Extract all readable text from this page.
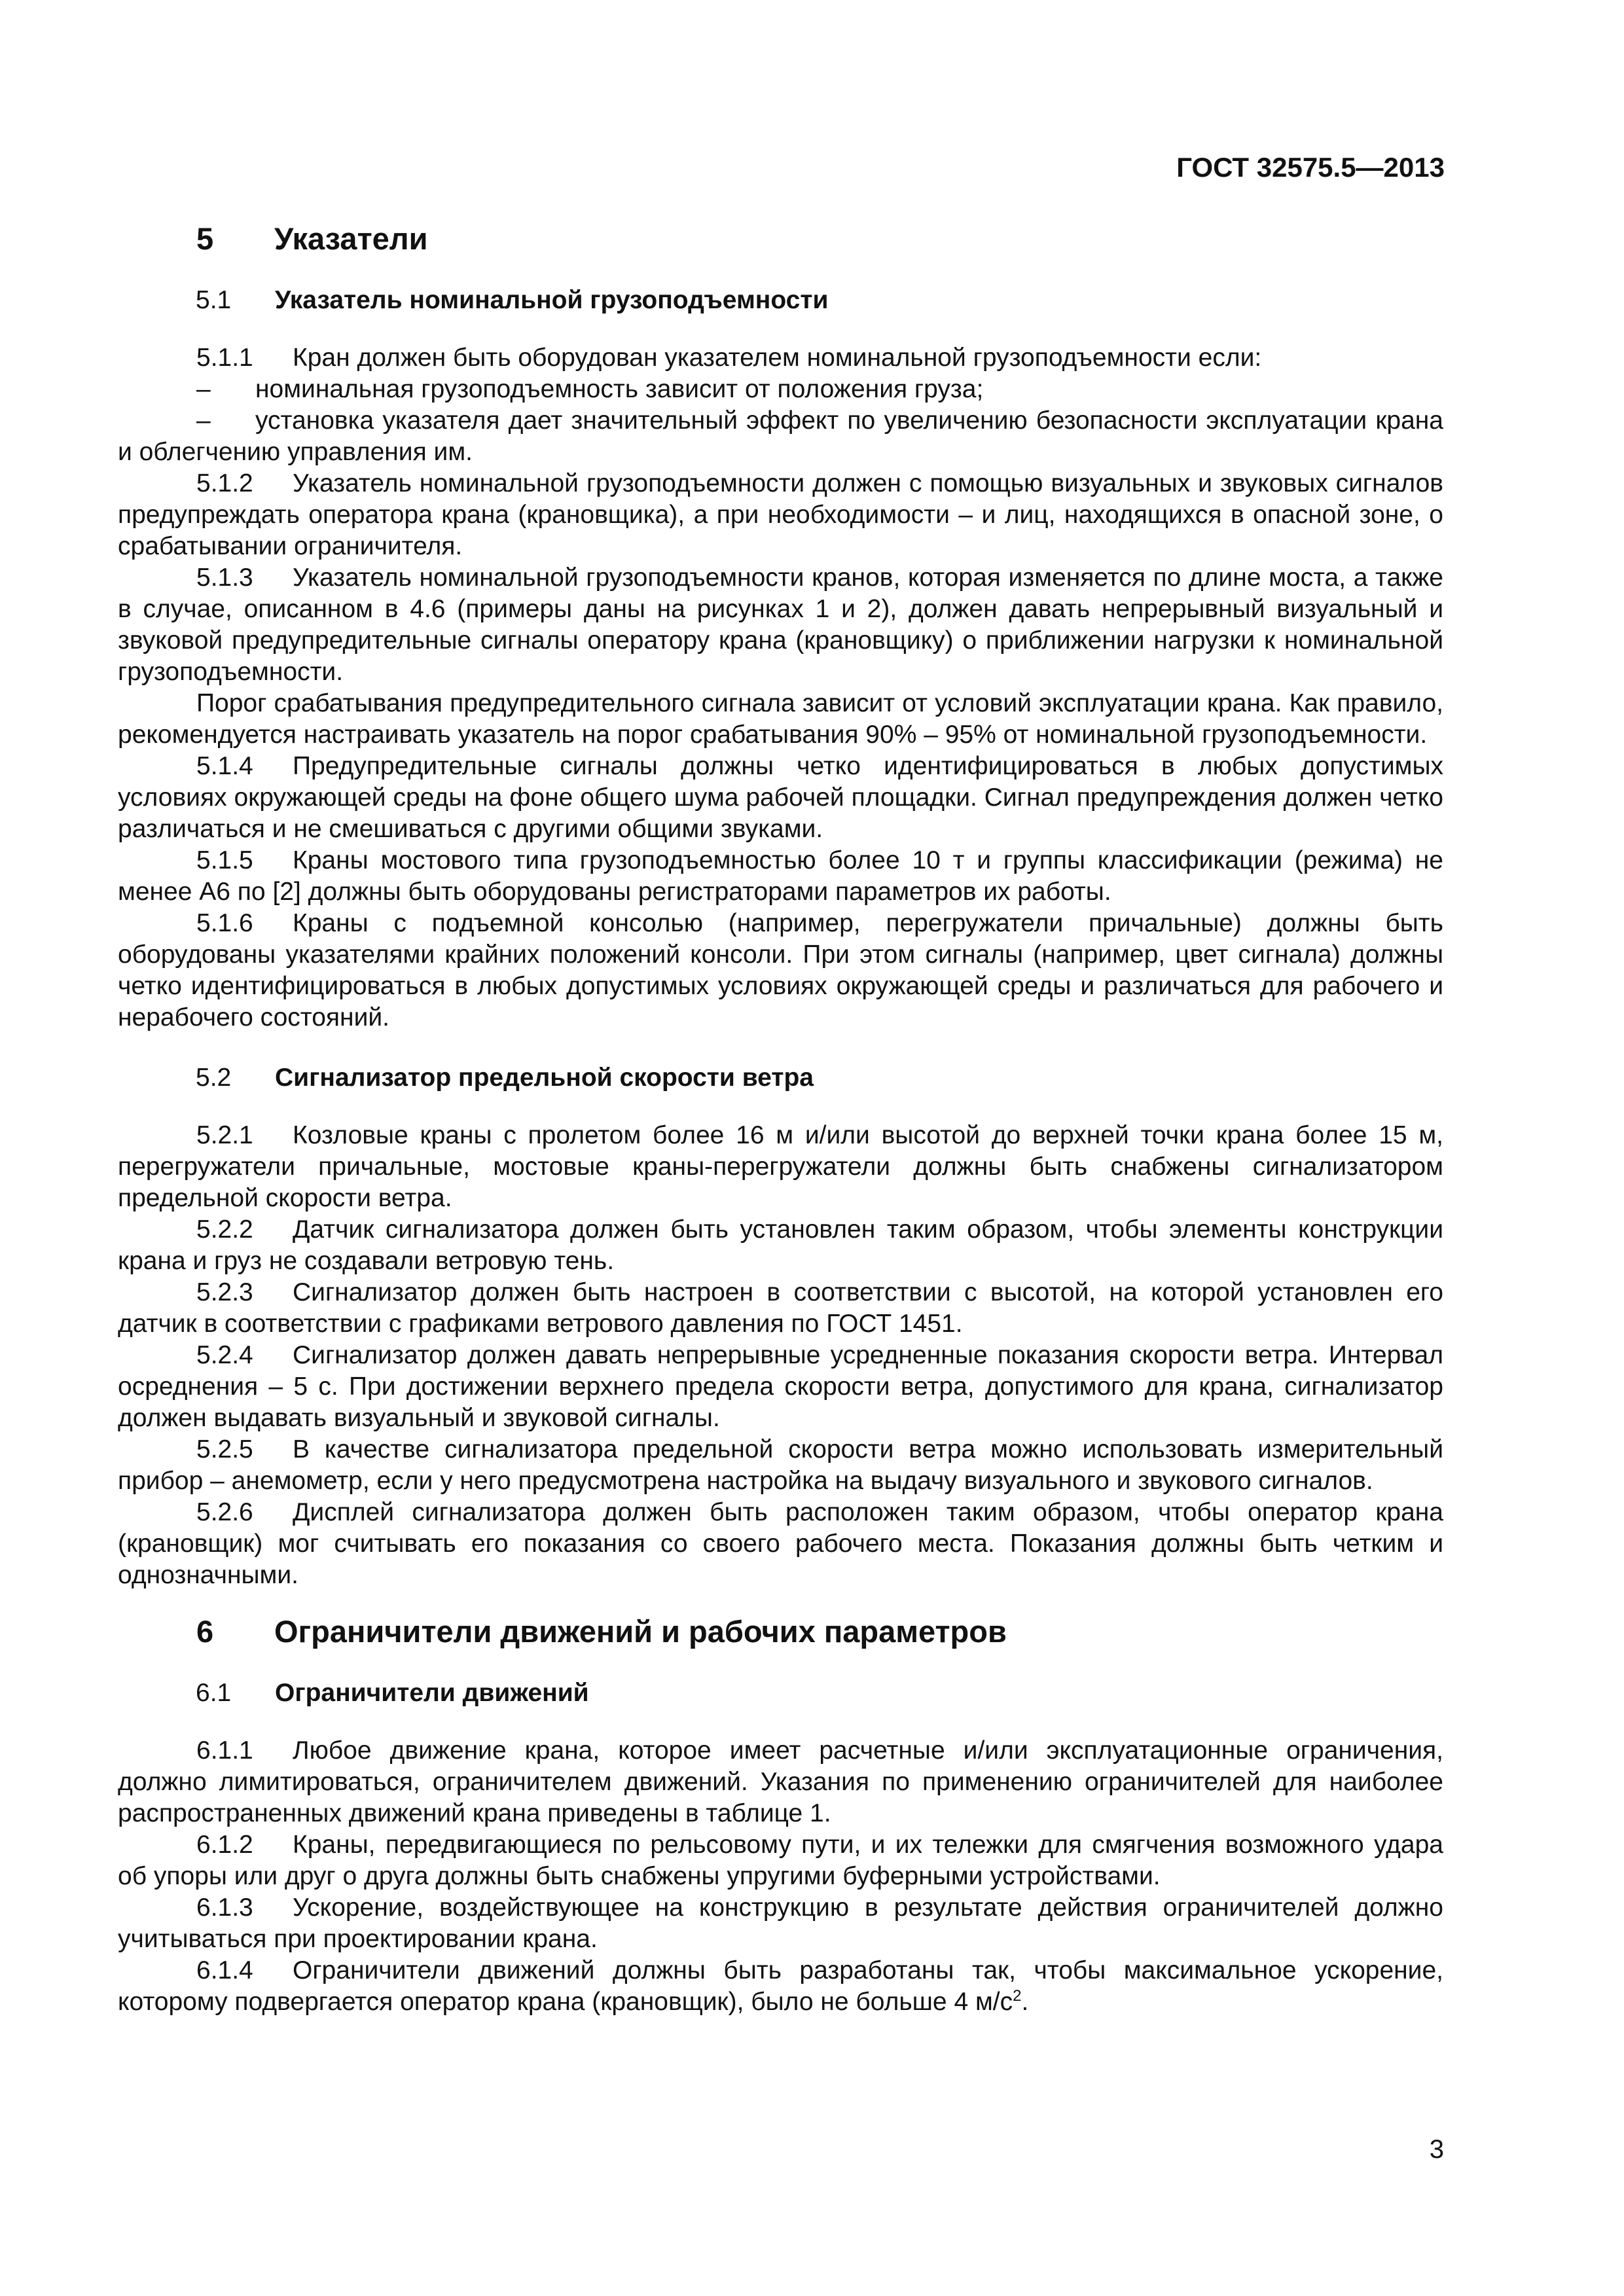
ГОСТ 32575.5—2013
5	Указатели
5.1	Указатель номинальной грузоподъемности

5.1.1 Кран должен быть оборудован указателем номинальной грузоподъемности если:

– номинальная грузоподъемность зависит от положения груза;

– установка указателя дает значительный эффект по увеличению безопасности эксплуатации крана и облегчению управления им.

5.1.2 Указатель номинальной грузоподъемности должен с помощью визуальных и звуковых сигналов предупреждать оператора крана (крановщика), а при необходимости – и лиц, находящихся в опасной зоне, о срабатывании ограничителя.

5.1.3 Указатель номинальной грузоподъемности кранов, которая изменяется по длине моста, а также в случае, описанном в 4.6 (примеры даны на рисунках 1 и 2), должен давать непрерывный визуальный и звуковой предупредительные сигналы оператору крана (крановщику) о приближении нагрузки к номинальной грузоподъемности.

Порог срабатывания предупредительного сигнала зависит от условий эксплуатации крана. Как правило, рекомендуется настраивать указатель на порог срабатывания 90% – 95% от номинальной грузоподъемности.

5.1.4 Предупредительные сигналы должны четко идентифицироваться в любых допустимых условиях окружающей среды на фоне общего шума рабочей площадки. Сигнал предупреждения должен четко различаться и не смешиваться с другими общими звуками.

5.1.5 Краны мостового типа грузоподъемностью более 10 т и группы классификации (режима) не менее А6 по [2] должны быть оборудованы регистраторами параметров их работы.

5.1.6 Краны с подъемной консолью (например, перегружатели причальные) должны быть оборудованы указателями крайних положений консоли. При этом сигналы (например, цвет сигнала) должны четко идентифицироваться в любых допустимых условиях окружающей среды и различаться для рабочего и нерабочего состояний.

5.2	Сигнализатор предельной скорости ветра

5.2.1 Козловые краны с пролетом более 16 м и/или высотой до верхней точки крана более 15 м, перегружатели причальные, мостовые краны-перегружатели должны быть снабжены сигнализатором предельной скорости ветра.

5.2.2 Датчик сигнализатора должен быть установлен таким образом, чтобы элементы конструкции крана и груз не создавали ветровую тень.

5.2.3 Сигнализатор должен быть настроен в соответствии с высотой, на которой установлен его датчик в соответствии с графиками ветрового давления по ГОСТ 1451.

5.2.4 Сигнализатор должен давать непрерывные усредненные показания скорости ветра. Интервал осреднения – 5 с. При достижении верхнего предела скорости ветра, допустимого для крана, сигнализатор должен выдавать визуальный и звуковой сигналы.

5.2.5 В качестве сигнализатора предельной скорости ветра можно использовать измерительный прибор – анемометр, если у него предусмотрена настройка на выдачу визуального и звукового сигналов.

5.2.6 Дисплей сигнализатора должен быть расположен таким образом, чтобы оператор крана (крановщик) мог считывать его показания со своего рабочего места. Показания должны быть четким и однозначными.

6	Ограничители движений и рабочих параметров
6.1	Ограничители движений

6.1.1 Любое движение крана, которое имеет расчетные и/или эксплуатационные ограничения, должно лимитироваться, ограничителем движений. Указания по применению ограничителей для наиболее распространенных движений крана приведены в таблице 1.

6.1.2 Краны, передвигающиеся по рельсовому пути, и их тележки для смягчения возможного удара об упоры или друг о друга должны быть снабжены упругими буферными устройствами.

6.1.3 Ускорение, воздействующее на конструкцию в результате действия ограничителей должно учитываться при проектировании крана.

6.1.4 Ограничители движений должны быть разработаны так, чтобы максимальное ускорение, которому подвергается оператор крана (крановщик), было не больше 4 $м/с^2$.

3
